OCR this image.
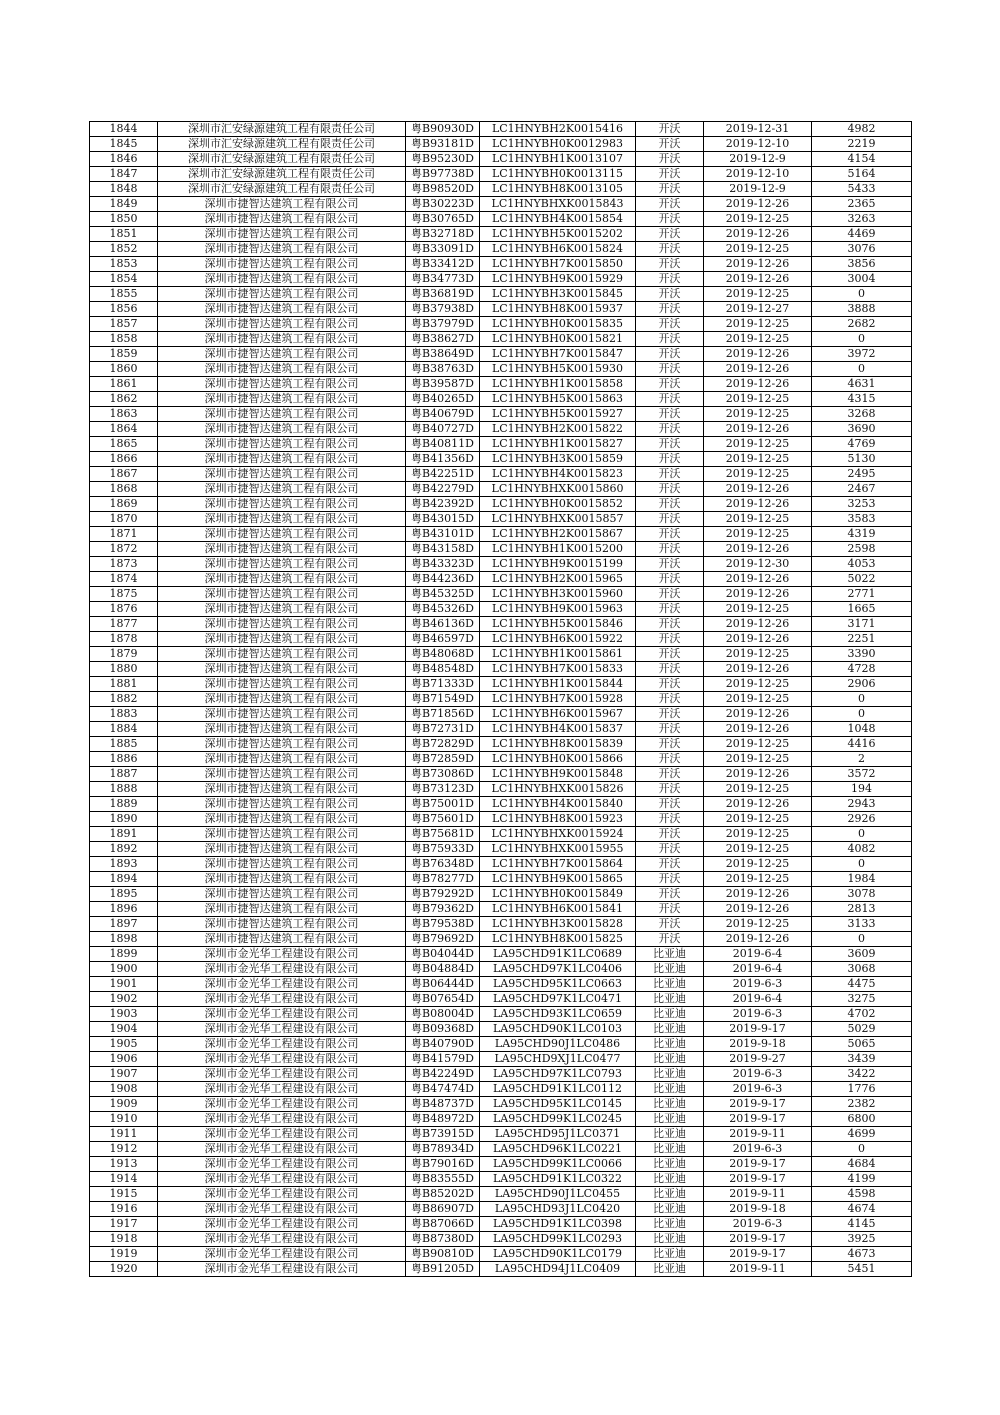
1844	深圳市汇安绿源建筑工程有限责任公司	粤B90930D	LC1HNYBH2K0015416	开沃	2019-12-31	4982
1845	深圳市汇安绿源建筑工程有限责任公司	粤B93181D	LC1HNYBH0K0012983	开沃	2019-12-10	2219
1846	深圳市汇安绿源建筑工程有限责任公司	粤B95230D	LC1HNYBH1K0013107	开沃	2019-12-9	4154
1847	深圳市汇安绿源建筑工程有限责任公司	粤B97738D	LC1HNYBH0K0013115	开沃	2019-12-10	5164
1848	深圳市汇安绿源建筑工程有限责任公司	粤B98520D	LC1HNYBH8K0013105	开沃	2019-12-9	5433
1849	深圳市捷智达建筑工程有限公司	粤B30223D	LC1HNYBHXK0015843	开沃	2019-12-26	2365
1850	深圳市捷智达建筑工程有限公司	粤B30765D	LC1HNYBH4K0015854	开沃	2019-12-25	3263
1851	深圳市捷智达建筑工程有限公司	粤B32718D	LC1HNYBH5K0015202	开沃	2019-12-26	4469
1852	深圳市捷智达建筑工程有限公司	粤B33091D	LC1HNYBH6K0015824	开沃	2019-12-25	3076
1853	深圳市捷智达建筑工程有限公司	粤B33412D	LC1HNYBH7K0015850	开沃	2019-12-26	3856
1854	深圳市捷智达建筑工程有限公司	粤B34773D	LC1HNYBH9K0015929	开沃	2019-12-26	3004
1855	深圳市捷智达建筑工程有限公司	粤B36819D	LC1HNYBH3K0015845	开沃	2019-12-25	0
1856	深圳市捷智达建筑工程有限公司	粤B37938D	LC1HNYBH8K0015937	开沃	2019-12-27	3888
1857	深圳市捷智达建筑工程有限公司	粤B37979D	LC1HNYBH0K0015835	开沃	2019-12-25	2682
1858	深圳市捷智达建筑工程有限公司	粤B38627D	LC1HNYBH0K0015821	开沃	2019-12-25	0
1859	深圳市捷智达建筑工程有限公司	粤B38649D	LC1HNYBH7K0015847	开沃	2019-12-26	3972
1860	深圳市捷智达建筑工程有限公司	粤B38763D	LC1HNYBH5K0015930	开沃	2019-12-26	0
1861	深圳市捷智达建筑工程有限公司	粤B39587D	LC1HNYBH1K0015858	开沃	2019-12-26	4631
1862	深圳市捷智达建筑工程有限公司	粤B40265D	LC1HNYBH5K0015863	开沃	2019-12-25	4315
1863	深圳市捷智达建筑工程有限公司	粤B40679D	LC1HNYBH5K0015927	开沃	2019-12-25	3268
1864	深圳市捷智达建筑工程有限公司	粤B40727D	LC1HNYBH2K0015822	开沃	2019-12-26	3690
1865	深圳市捷智达建筑工程有限公司	粤B40811D	LC1HNYBH1K0015827	开沃	2019-12-25	4769
1866	深圳市捷智达建筑工程有限公司	粤B41356D	LC1HNYBH3K0015859	开沃	2019-12-25	5130
1867	深圳市捷智达建筑工程有限公司	粤B42251D	LC1HNYBH4K0015823	开沃	2019-12-25	2495
1868	深圳市捷智达建筑工程有限公司	粤B42279D	LC1HNYBHXK0015860	开沃	2019-12-26	2467
1869	深圳市捷智达建筑工程有限公司	粤B42392D	LC1HNYBH0K0015852	开沃	2019-12-26	3253
1870	深圳市捷智达建筑工程有限公司	粤B43015D	LC1HNYBHXK0015857	开沃	2019-12-25	3583
1871	深圳市捷智达建筑工程有限公司	粤B43101D	LC1HNYBH2K0015867	开沃	2019-12-25	4319
1872	深圳市捷智达建筑工程有限公司	粤B43158D	LC1HNYBH1K0015200	开沃	2019-12-26	2598
1873	深圳市捷智达建筑工程有限公司	粤B43323D	LC1HNYBH9K0015199	开沃	2019-12-30	4053
1874	深圳市捷智达建筑工程有限公司	粤B44236D	LC1HNYBH2K0015965	开沃	2019-12-26	5022
1875	深圳市捷智达建筑工程有限公司	粤B45325D	LC1HNYBH3K0015960	开沃	2019-12-26	2771
1876	深圳市捷智达建筑工程有限公司	粤B45326D	LC1HNYBH9K0015963	开沃	2019-12-25	1665
1877	深圳市捷智达建筑工程有限公司	粤B46136D	LC1HNYBH5K0015846	开沃	2019-12-26	3171
1878	深圳市捷智达建筑工程有限公司	粤B46597D	LC1HNYBH6K0015922	开沃	2019-12-26	2251
1879	深圳市捷智达建筑工程有限公司	粤B48068D	LC1HNYBH1K0015861	开沃	2019-12-25	3390
1880	深圳市捷智达建筑工程有限公司	粤B48548D	LC1HNYBH7K0015833	开沃	2019-12-26	4728
1881	深圳市捷智达建筑工程有限公司	粤B71333D	LC1HNYBH1K0015844	开沃	2019-12-25	2906
1882	深圳市捷智达建筑工程有限公司	粤B71549D	LC1HNYBH7K0015928	开沃	2019-12-25	0
1883	深圳市捷智达建筑工程有限公司	粤B71856D	LC1HNYBH6K0015967	开沃	2019-12-26	0
1884	深圳市捷智达建筑工程有限公司	粤B72731D	LC1HNYBH4K0015837	开沃	2019-12-26	1048
1885	深圳市捷智达建筑工程有限公司	粤B72829D	LC1HNYBH8K0015839	开沃	2019-12-25	4416
1886	深圳市捷智达建筑工程有限公司	粤B72859D	LC1HNYBH0K0015866	开沃	2019-12-25	2
1887	深圳市捷智达建筑工程有限公司	粤B73086D	LC1HNYBH9K0015848	开沃	2019-12-26	3572
1888	深圳市捷智达建筑工程有限公司	粤B73123D	LC1HNYBHXK0015826	开沃	2019-12-25	194
1889	深圳市捷智达建筑工程有限公司	粤B75001D	LC1HNYBH4K0015840	开沃	2019-12-26	2943
1890	深圳市捷智达建筑工程有限公司	粤B75601D	LC1HNYBH8K0015923	开沃	2019-12-25	2926
1891	深圳市捷智达建筑工程有限公司	粤B75681D	LC1HNYBHXK0015924	开沃	2019-12-25	0
1892	深圳市捷智达建筑工程有限公司	粤B75933D	LC1HNYBHXK0015955	开沃	2019-12-25	4082
1893	深圳市捷智达建筑工程有限公司	粤B76348D	LC1HNYBH7K0015864	开沃	2019-12-25	0
1894	深圳市捷智达建筑工程有限公司	粤B78277D	LC1HNYBH9K0015865	开沃	2019-12-25	1984
1895	深圳市捷智达建筑工程有限公司	粤B79292D	LC1HNYBH0K0015849	开沃	2019-12-26	3078
1896	深圳市捷智达建筑工程有限公司	粤B79362D	LC1HNYBH6K0015841	开沃	2019-12-26	2813
1897	深圳市捷智达建筑工程有限公司	粤B79538D	LC1HNYBH3K0015828	开沃	2019-12-25	3133
1898	深圳市捷智达建筑工程有限公司	粤B79692D	LC1HNYBH8K0015825	开沃	2019-12-26	0
1899	深圳市金光华工程建设有限公司	粤B04044D	LA95CHD91K1LC0689	比亚迪	2019-6-4	3609
1900	深圳市金光华工程建设有限公司	粤B04884D	LA95CHD97K1LC0406	比亚迪	2019-6-4	3068
1901	深圳市金光华工程建设有限公司	粤B06444D	LA95CHD95K1LC0663	比亚迪	2019-6-3	4475
1902	深圳市金光华工程建设有限公司	粤B07654D	LA95CHD97K1LC0471	比亚迪	2019-6-4	3275
1903	深圳市金光华工程建设有限公司	粤B08004D	LA95CHD93K1LC0659	比亚迪	2019-6-3	4702
1904	深圳市金光华工程建设有限公司	粤B09368D	LA95CHD90K1LC0103	比亚迪	2019-9-17	5029
1905	深圳市金光华工程建设有限公司	粤B40790D	LA95CHD90J1LC0486	比亚迪	2019-9-18	5065
1906	深圳市金光华工程建设有限公司	粤B41579D	LA95CHD9XJ1LC0477	比亚迪	2019-9-27	3439
1907	深圳市金光华工程建设有限公司	粤B42249D	LA95CHD97K1LC0793	比亚迪	2019-6-3	3422
1908	深圳市金光华工程建设有限公司	粤B47474D	LA95CHD91K1LC0112	比亚迪	2019-6-3	1776
1909	深圳市金光华工程建设有限公司	粤B48737D	LA95CHD95K1LC0145	比亚迪	2019-9-17	2382
1910	深圳市金光华工程建设有限公司	粤B48972D	LA95CHD99K1LC0245	比亚迪	2019-9-17	6800
1911	深圳市金光华工程建设有限公司	粤B73915D	LA95CHD95J1LC0371	比亚迪	2019-9-11	4699
1912	深圳市金光华工程建设有限公司	粤B78934D	LA95CHD96K1LC0221	比亚迪	2019-6-3	0
1913	深圳市金光华工程建设有限公司	粤B79016D	LA95CHD99K1LC0066	比亚迪	2019-9-17	4684
1914	深圳市金光华工程建设有限公司	粤B83555D	LA95CHD91K1LC0322	比亚迪	2019-9-17	4199
1915	深圳市金光华工程建设有限公司	粤B85202D	LA95CHD90J1LC0455	比亚迪	2019-9-11	4598
1916	深圳市金光华工程建设有限公司	粤B86907D	LA95CHD93J1LC0420	比亚迪	2019-9-18	4674
1917	深圳市金光华工程建设有限公司	粤B87066D	LA95CHD91K1LC0398	比亚迪	2019-6-3	4145
1918	深圳市金光华工程建设有限公司	粤B87380D	LA95CHD99K1LC0293	比亚迪	2019-9-17	3925
1919	深圳市金光华工程建设有限公司	粤B90810D	LA95CHD90K1LC0179	比亚迪	2019-9-17	4673
1920	深圳市金光华工程建设有限公司	粤B91205D	LA95CHD94J1LC0409	比亚迪	2019-9-11	5451
